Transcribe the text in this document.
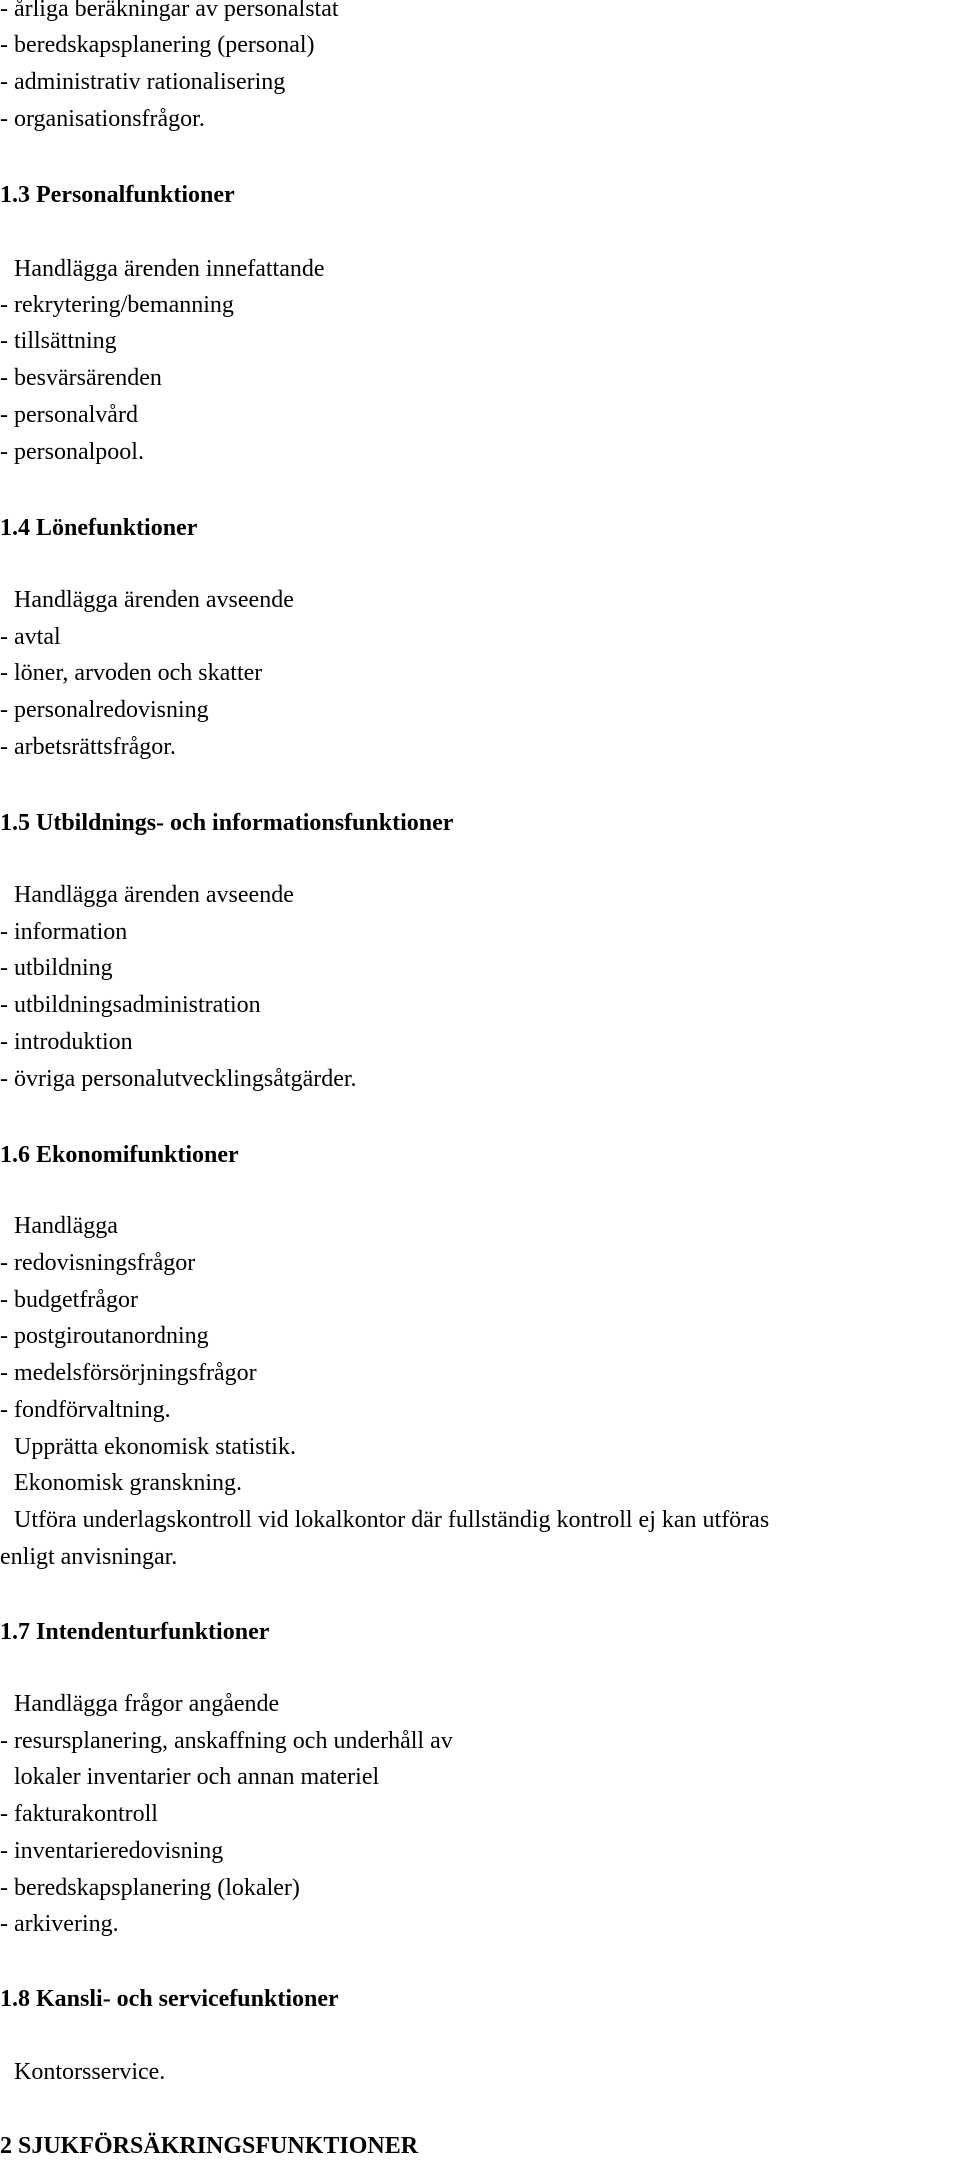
- årliga beräkningar av personalstat
- beredskapsplanering (personal)
- administrativ rationalisering
- organisationsfrågor.
1.3 Personalfunktioner
Handlägga ärenden innefattande
- rekrytering/bemanning
- tillsättning
- besvärsärenden
- personalvård
- personalpool.
1.4 Lönefunktioner
Handlägga ärenden avseende
- avtal
- löner, arvoden och skatter
- personalredovisning
- arbetsrättsfrågor.
1.5 Utbildnings- och informationsfunktioner
Handlägga ärenden avseende
- information
- utbildning
- utbildningsadministration
- introduktion
- övriga personalutvecklingsåtgärder.
1.6 Ekonomifunktioner
Handlägga
- redovisningsfrågor
- budgetfrågor
- postgiroutanordning
- medelsförsörjningsfrågor
- fondförvaltning.
Upprätta ekonomisk statistik.
Ekonomisk granskning.
Utföra underlagskontroll vid lokalkontor där fullständig kontroll ej kan utföras
enligt anvisningar.
1.7 Intendenturfunktioner
Handlägga frågor angående
- resursplanering, anskaffning och underhåll av
lokaler inventarier och annan materiel
- fakturakontroll
- inventarieredovisning
- beredskapsplanering (lokaler)
- arkivering.
1.8 Kansli- och servicefunktioner
Kontorsservice.
2 SJUKFÖRSÄKRINGSFUNKTIONER
